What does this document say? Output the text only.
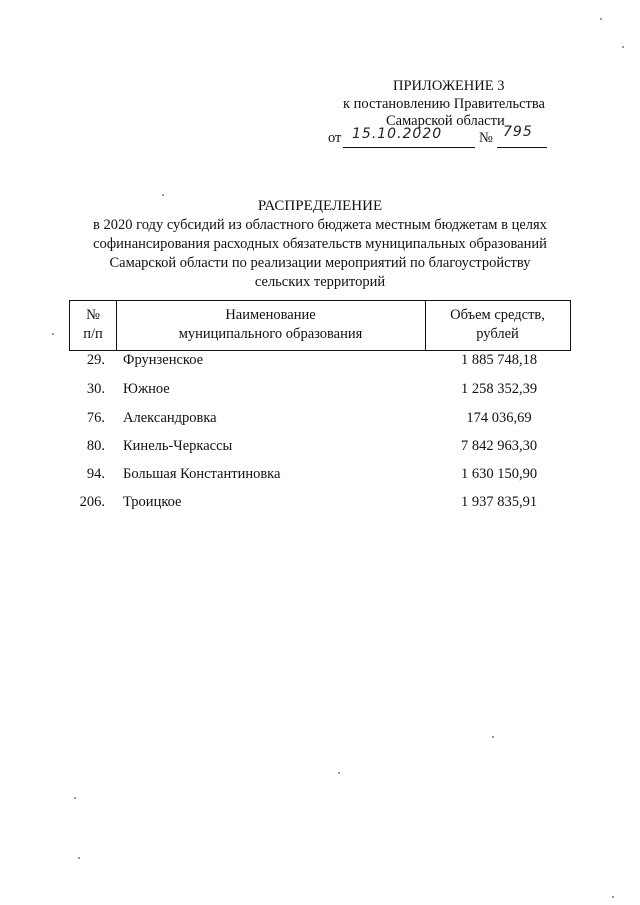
ПРИЛОЖЕНИЕ 3
к постановлению Правительства
Самарской области
от 15.10.2020	№ 795
РАСПРЕДЕЛЕНИЕ
в 2020 году субсидий из областного бюджета местным бюджетам в целях
софинансирования расходных обязательств муниципальных образований
Самарской области по реализации мероприятий по благоустройству
сельских территорий
№
п/п
Наименование
муниципального образования
Объем средств,
рублей
29. Фрунзенское	1 885 748,18
30. Южное	1 258 352,39
76. Александровка	174 036,69
80. Кинель-Черкассы	7 842 963,30
94. Большая Константиновка	1 630 150,90
206. Троицкое	1 937 835,91
